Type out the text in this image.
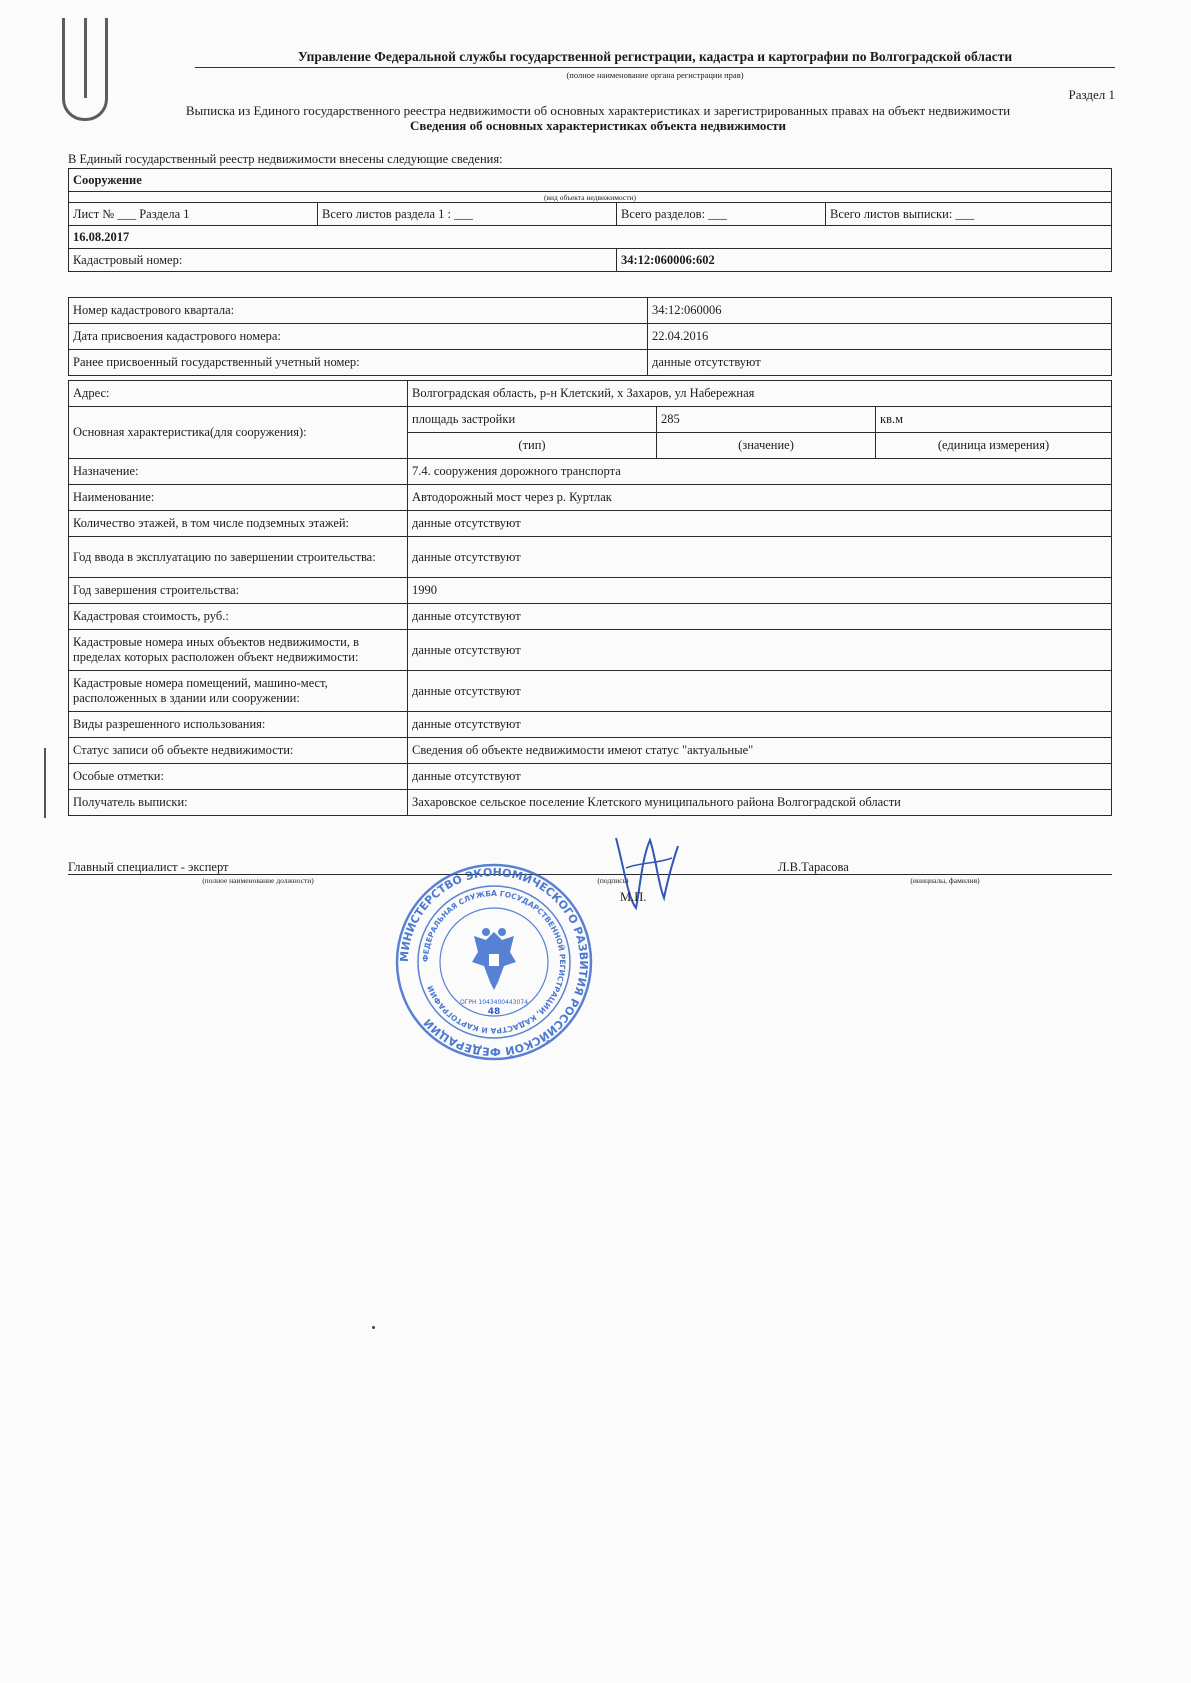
Управление Федеральной службы государственной регистрации, кадастра и картографии по Волгоградской области
(полное наименование органа регистрации прав)
Раздел 1
Выписка из Единого государственного реестра недвижимости об основных характеристиках и зарегистрированных правах на объект недвижимости
Сведения об основных характеристиках объекта недвижимости
В Единый государственный реестр недвижимости внесены следующие сведения:
Сооружение			
(вид объекта недвижимости)			
Лист № ___ Раздела 1	Всего листов раздела 1 : ___	Всего разделов: ___	Всего листов выписки: ___
16.08.2017			
Кадастровый номер:		34:12:060006:602	
Номер кадастрового квартала:	34:12:060006
Дата присвоения кадастрового номера:	22.04.2016
Ранее присвоенный государственный учетный номер:	данные отсутствуют
Адрес:	Волгоградская область, р-н Клетский, х Захаров, ул Набережная		
Основная характеристика(для сооружения):	площадь застройки	285	кв.м
	(тип)	(значение)	(единица измерения)
Назначение:	7.4. сооружения дорожного транспорта		
Наименование:	Автодорожный мост через р. Куртлак		
Количество этажей, в том числе подземных этажей:	данные отсутствуют		
Год ввода в эксплуатацию по завершении строительства:	данные отсутствуют		
Год завершения строительства:	1990		
Кадастровая стоимость, руб.:	данные отсутствуют		
Кадастровые номера иных объектов недвижимости, в пределах которых расположен объект недвижимости:	данные отсутствуют		
Кадастровые номера помещений, машино-мест, расположенных в здании или сооружении:	данные отсутствуют		
Виды разрешенного использования:	данные отсутствуют		
Статус записи об объекте недвижимости:	Сведения об объекте недвижимости имеют статус "актуальные"		
Особые отметки:	данные отсутствуют		
Получатель выписки:	Захаровское сельское поселение Клетского муниципального района Волгоградской области		
Главный специалист - эксперт	Л.В.Тарасова
(полное наименование должности)	(подпись)	(инициалы, фамилия)
МИНИСТЕРСТВО ЭКОНОМИЧЕСКОГО РАЗВИТИЯ РОССИЙСКОЙ ФЕДЕРАЦИИ
ФЕДЕРАЛЬНАЯ СЛУЖБА ГОСУДАРСТВЕННОЙ РЕГИСТРАЦИИ, КАДАСТРА И КАРТОГРАФИИ
ОГРН 1043400443074
48
М.П.
